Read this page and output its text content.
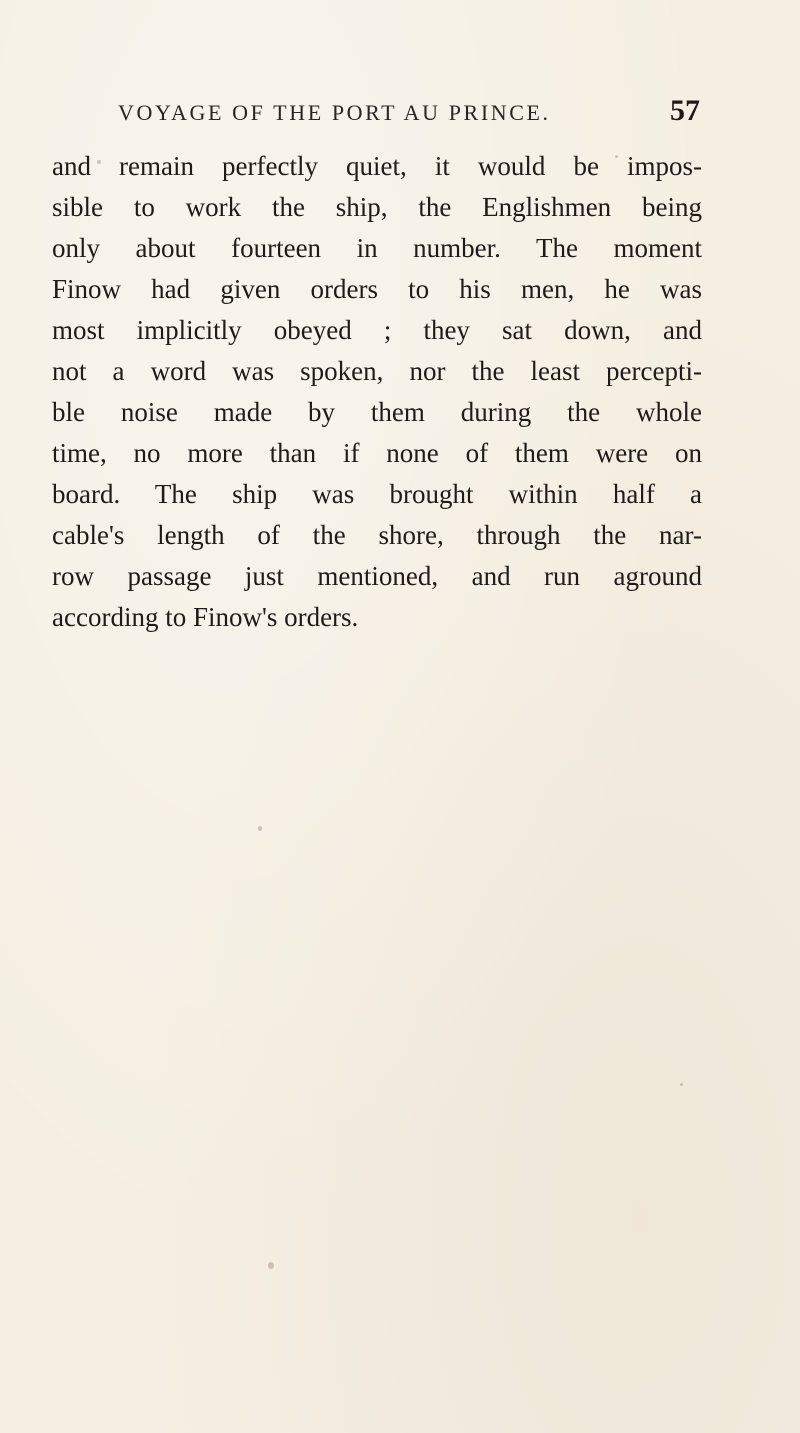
VOYAGE OF THE PORT AU PRINCE.	57
and remain perfectly quiet, it would be impos-
sible to work the ship, the Englishmen being
only about fourteen in number. The moment
Finow had given orders to his men, he was
most implicitly obeyed ; they sat down, and
not a word was spoken, nor the least percepti-
ble noise made by them during the whole
time, no more than if none of them were on
board. The ship was brought within half a
cable's length of the shore, through the nar-
row passage just mentioned, and run aground
according to Finow's orders.
